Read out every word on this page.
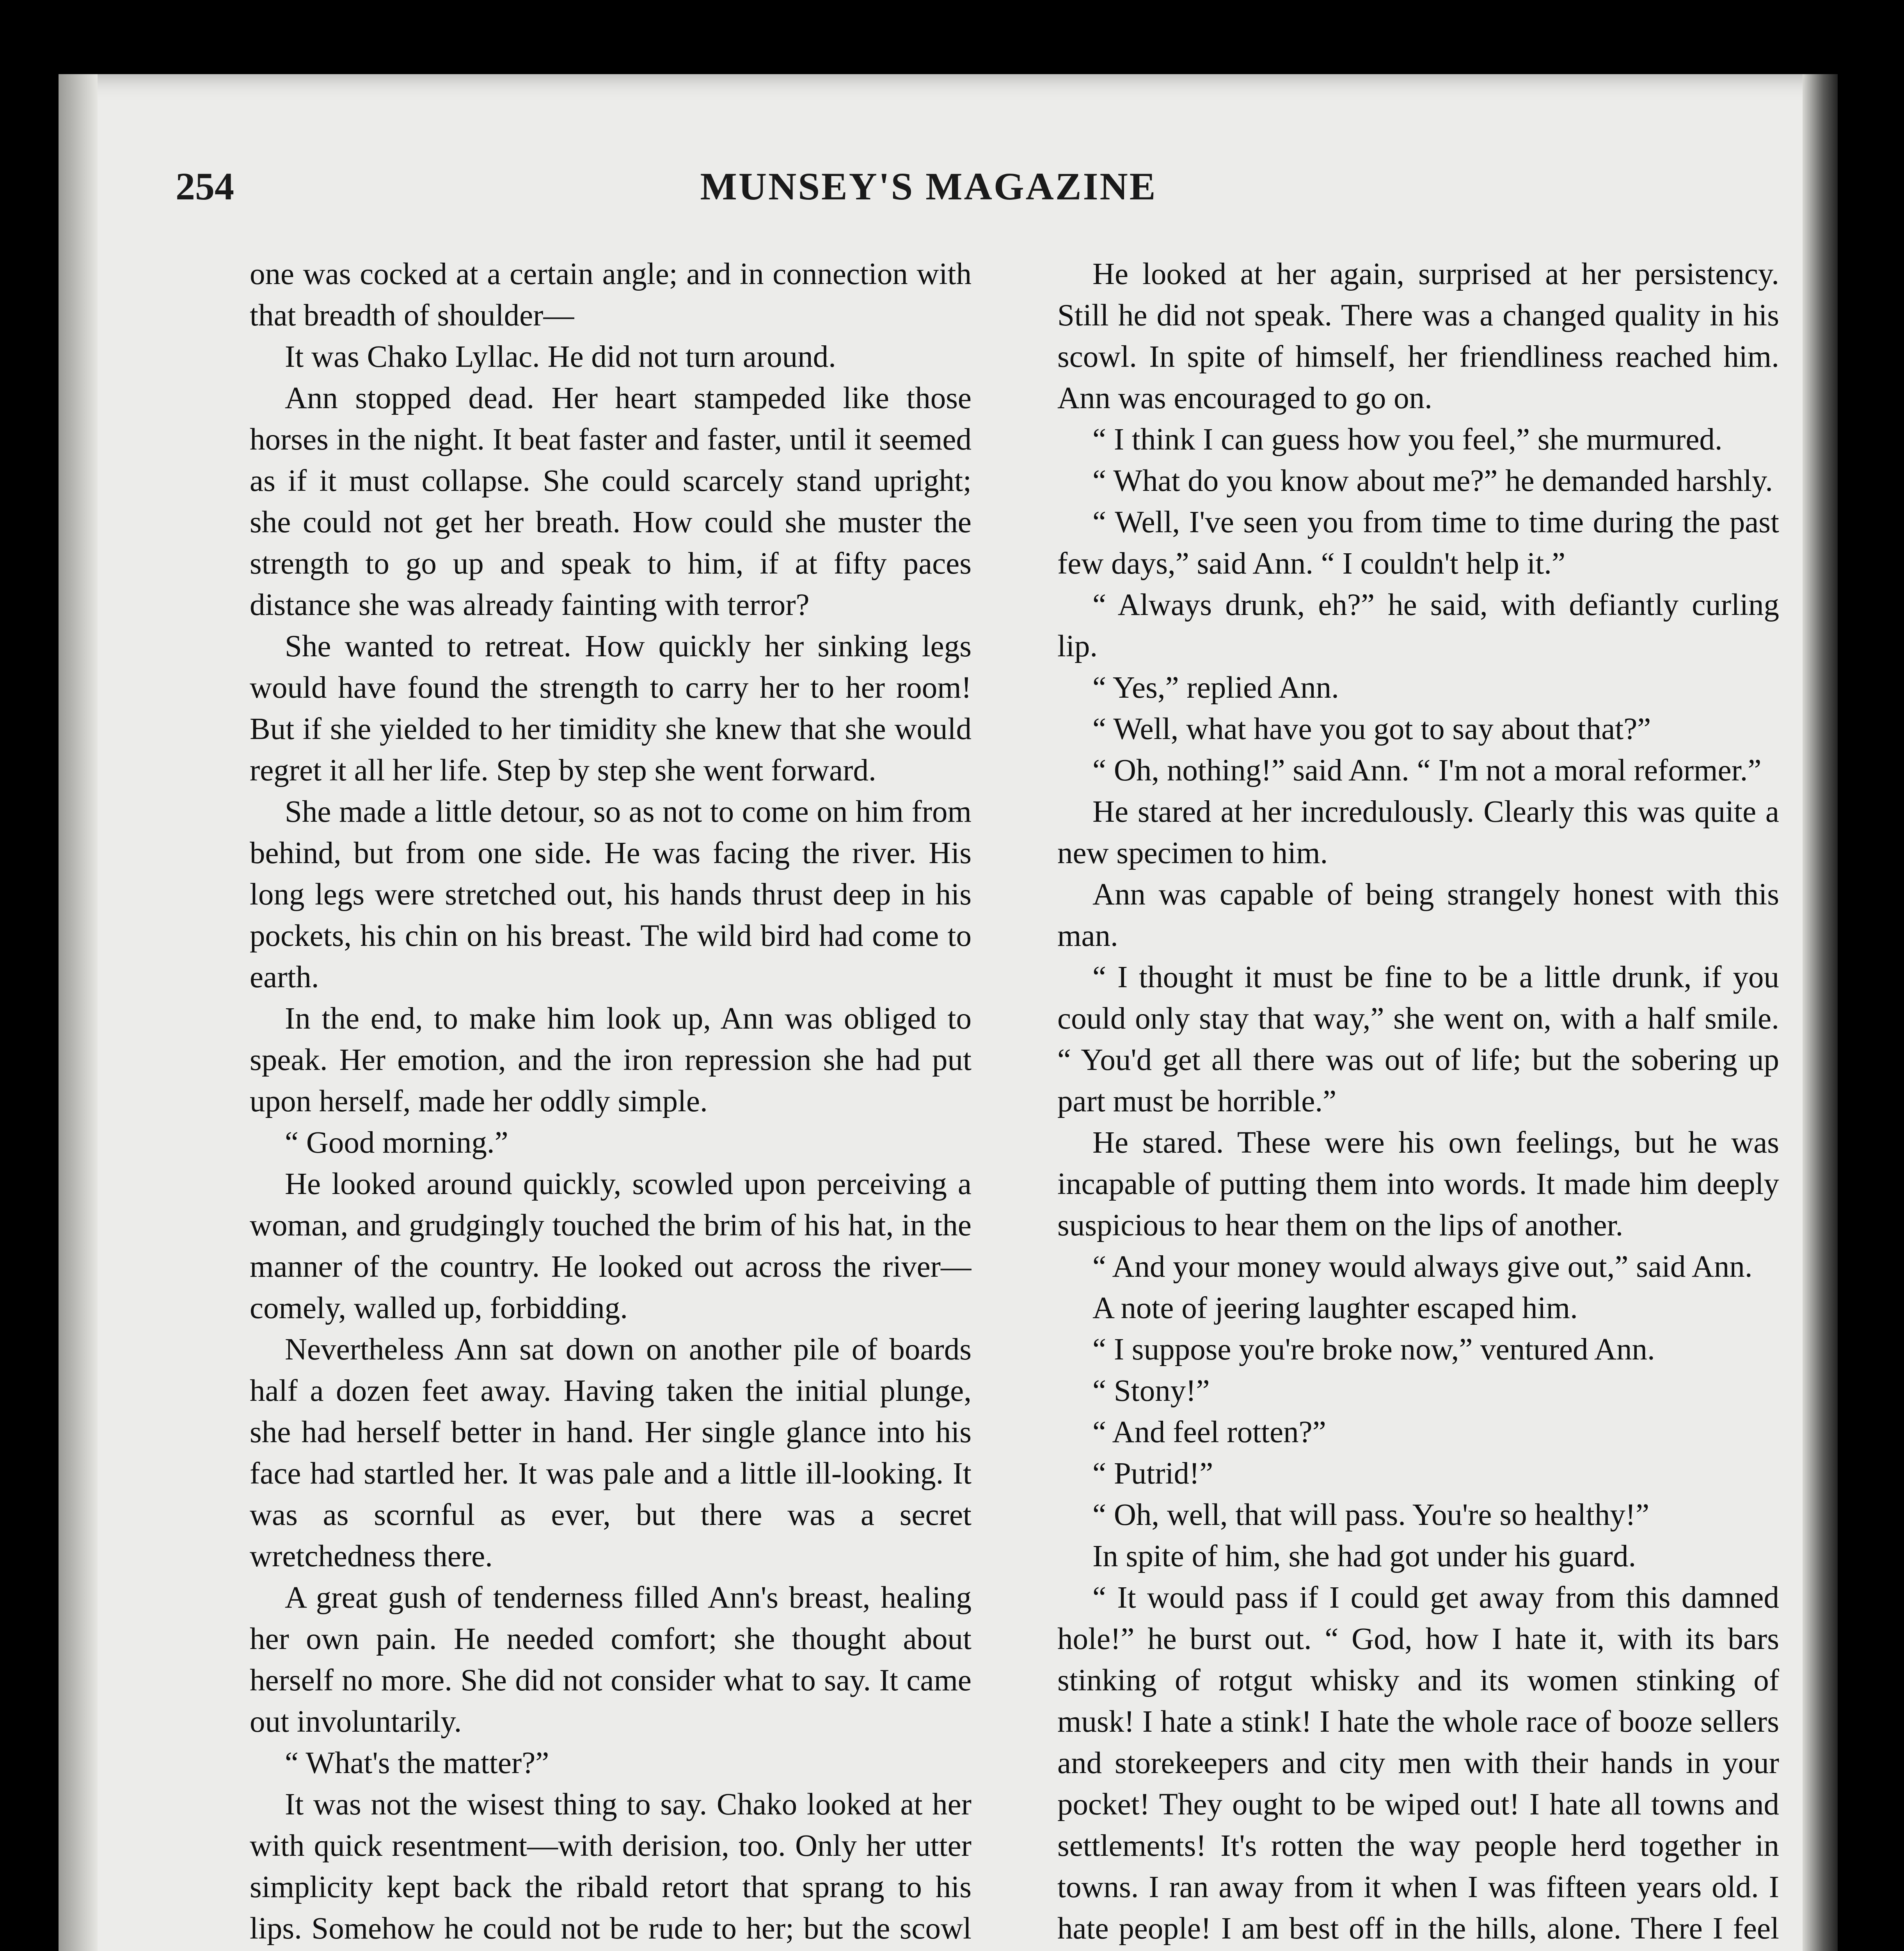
254	MUNSEY'S MAGAZINE

one was cocked at a certain angle; and in connection with that breadth of shoulder—

It was Chako Lyllac. He did not turn around.

Ann stopped dead. Her heart stampeded like those horses in the night. It beat faster and faster, until it seemed as if it must collapse. She could scarcely stand upright; she could not get her breath. How could she muster the strength to go up and speak to him, if at fifty paces distance she was already fainting with terror?

She wanted to retreat. How quickly her sinking legs would have found the strength to carry her to her room! But if she yielded to her timidity she knew that she would regret it all her life. Step by step she went forward.

She made a little detour, so as not to come on him from behind, but from one side. He was facing the river. His long legs were stretched out, his hands thrust deep in his pockets, his chin on his breast. The wild bird had come to earth.

In the end, to make him look up, Ann was obliged to speak. Her emotion, and the iron repression she had put upon herself, made her oddly simple.

“ Good morning.”

He looked around quickly, scowled upon perceiving a woman, and grudgingly touched the brim of his hat, in the manner of the country. He looked out across the river—comely, walled up, forbidding.

Nevertheless Ann sat down on another pile of boards half a dozen feet away. Having taken the initial plunge, she had herself better in hand. Her single glance into his face had startled her. It was pale and a little ill-looking. It was as scornful as ever, but there was a secret wretchedness there.

A great gush of tenderness filled Ann's breast, healing her own pain. He needed comfort; she thought about herself no more. She did not consider what to say. It came out involuntarily.

“ What's the matter?”

It was not the wisest thing to say. Chako looked at her with quick resentment—with derision, too. Only her utter simplicity kept back the ribald retort that sprang to his lips. Somehow he could not be rude to her; but the scowl

He looked at her again, surprised at her persistency. Still he did not speak. There was a changed quality in his scowl. In spite of himself, her friendliness reached him. Ann was encouraged to go on.

“ I think I can guess how you feel,” she murmured.

“ What do you know about me?” he demanded harshly.

“ Well, I've seen you from time to time during the past few days,” said Ann. “ I couldn't help it.”

“ Always drunk, eh?” he said, with defiantly curling lip.

“ Yes,” replied Ann.

“ Well, what have you got to say about that?”

“ Oh, nothing!” said Ann. “ I'm not a moral reformer.”

He stared at her incredulously. Clearly this was quite a new specimen to him.

Ann was capable of being strangely honest with this man.

“ I thought it must be fine to be a little drunk, if you could only stay that way,” she went on, with a half smile. “ You'd get all there was out of life; but the sobering up part must be horrible.”

He stared. These were his own feelings, but he was incapable of putting them into words. It made him deeply suspicious to hear them on the lips of another.

“ And your money would always give out,” said Ann.

A note of jeering laughter escaped him.

“ I suppose you're broke now,” ventured Ann.

“ Stony!”

“ And feel rotten?”

“ Putrid!”

“ Oh, well, that will pass. You're so healthy!”

In spite of him, she had got under his guard.

“ It would pass if I could get away from this damned hole!” he burst out. “ God, how I hate it, with its bars stinking of rotgut whisky and its women stinking of musk! I hate a stink! I hate the whole race of booze sellers and storekeepers and city men with their hands in your pocket! They ought to be wiped out! I hate all towns and settlements! It's rotten the way people herd together in towns. I ran away from it when I was fifteen years old. I hate people! I am best off in the hills, alone. There I feel
